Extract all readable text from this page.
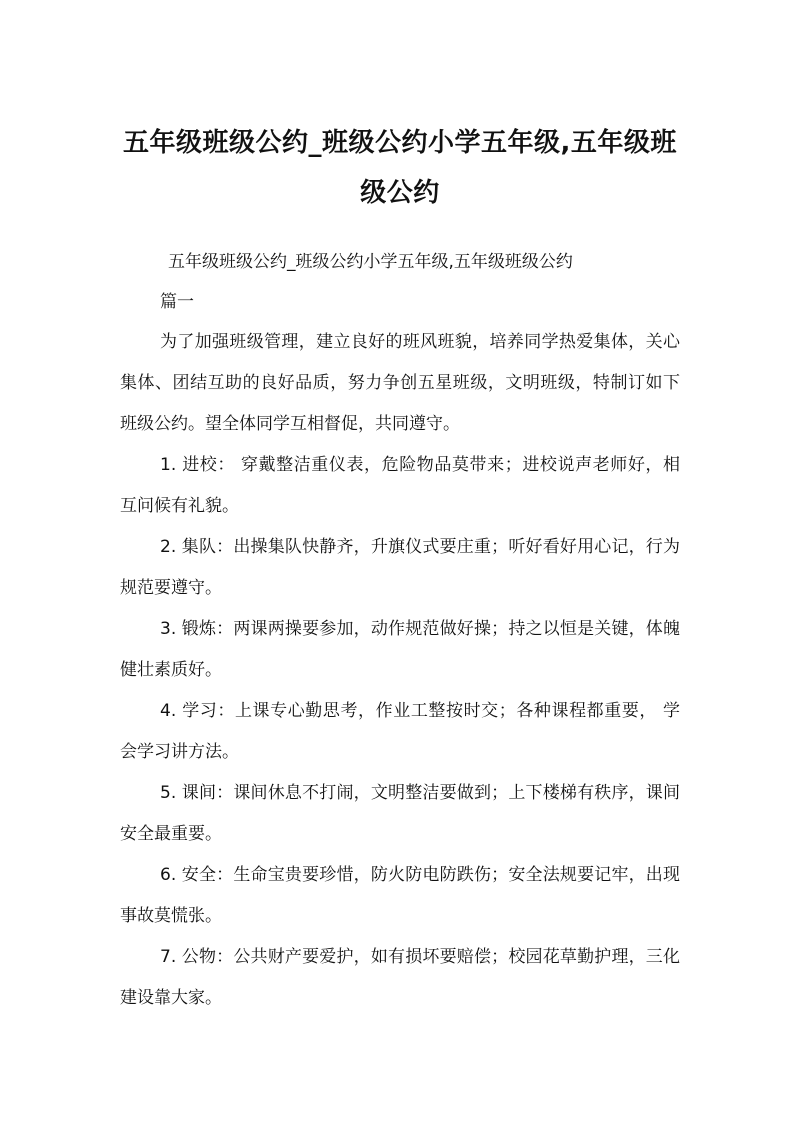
五年级班级公约_班级公约小学五年级,五年级班级公约

五年级班级公约_班级公约小学五年级,五年级班级公约

篇一

为了加强班级管理，建立良好的班风班貌，培养同学热爱集体，关心集体、团结互助的良好品质，努力争创五星班级，文明班级，特制订如下班级公约。望全体同学互相督促，共同遵守。

1. 进校： 穿戴整洁重仪表，危险物品莫带来；进校说声老师好，相互问候有礼貌。

2. 集队：出操集队快静齐，升旗仪式要庄重；听好看好用心记，行为规范要遵守。

3. 锻炼：两课两操要参加，动作规范做好操；持之以恒是关键，体魄健壮素质好。

4. 学习：上课专心勤思考，作业工整按时交；各种课程都重要， 学会学习讲方法。

5. 课间：课间休息不打闹，文明整洁要做到；上下楼梯有秩序，课间安全最重要。

6. 安全：生命宝贵要珍惜，防火防电防跌伤；安全法规要记牢，出现事故莫慌张。

7. 公物：公共财产要爱护，如有损坏要赔偿；校园花草勤护理，三化建设靠大家。
